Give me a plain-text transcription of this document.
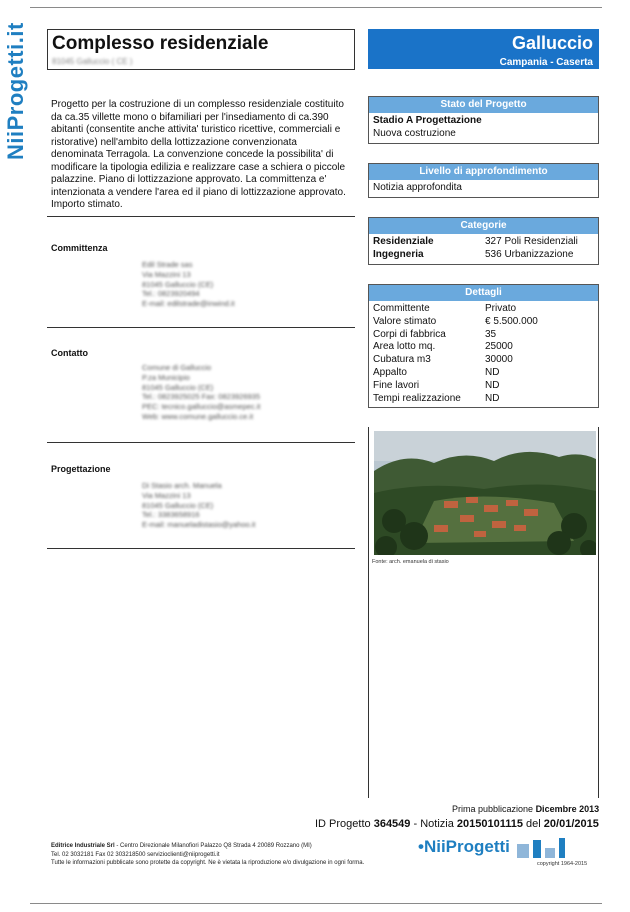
NiiProgetti.it Complesso residenziale
81045 Galluccio ( CE )
Galluccio
Campania - Caserta
Progetto per la costruzione di un complesso residenziale costituito da ca.35 villette mono o bifamiliari per l'insediamento di ca.390 abitanti (consentite anche attivita' turistico ricettive, commerciali e ristorative) nell'ambito della lottizzazione convenzionata denominata Terragola. La convenzione concede la possibilita' di modificare la tipologia edilizia e realizzare case a schiera o piccole palazzine. Piano di lottizzazione approvato. La committenza e' intenzionata a vendere l'area ed il piano di lottizzazione approvato. Importo stimato.
Committenza
Edil Strade sas
Via Mazzini 13
81045 Galluccio (CE)
Tel.: 0823920494
E-mail: edilstrade@inwind.it
Contatto
Comune di Galluccio
P.za Municipio
81045 Galluccio (CE)
Tel.: 0823925025 Fax: 0823926935
PEC: tecnico.galluccio@asmepec.it
Web: www.comune.galluccio.ce.it
Progettazione
Di Stasio arch. Manuela
Via Mazzini 13
81045 Galluccio (CE)
Tel.: 3383658916
E-mail: manueladistasio@yahoo.it
Stato del Progetto
Stadio A Progettazione
Nuova costruzione
Livello di approfondimento
Notizia approfondita
Categorie
Residenziale	327 Poli Residenziali
Ingegneria	536 Urbanizzazione
Dettagli
Committente	Privato
Valore stimato	€ 5.500.000
Corpi di fabbrica	35
Area lotto mq.	25000
Cubatura m3	30000
Appalto	ND
Fine lavori	ND
Tempi realizzazione	ND
Fonte: arch. emanuela di stasio
Prima pubblicazione Dicembre 2013
ID Progetto 364549 - Notizia 20150101115 del 20/01/2015
Editrice Industriale Srl - Centro Direzionale Milanofiori Palazzo Q8 Strada 4 20089 Rozzano (MI)
Tel. 02 3032181 Fax 02 303218500 servizioclienti@niiprogetti.it
Tutte le informazioni pubblicate sono protette da copyright. Ne è vietata la riproduzione e/o divulgazione in ogni forma.
•NiiProgetti
copyright 1964-2015
